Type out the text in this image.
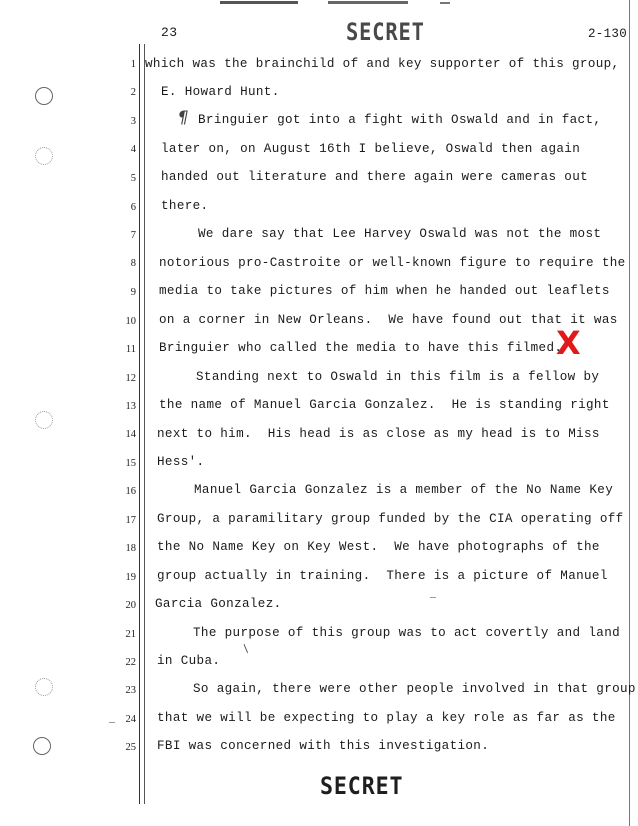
23	SECRET	2-130
1
2
3
4
5
6
7
8
9
10
11
12
13
14
15
16
17
18
19
20
21
22
23
24
25
which was the brainchild of and key supporter of this group,
E. Howard Hunt.
¶ Bringuier got into a fight with Oswald and in fact,
later on, on August 16th I believe, Oswald then again
handed out literature and there again were cameras out
there.
We dare say that Lee Harvey Oswald was not the most
notorious pro-Castroite or well-known figure to require the
media to take pictures of him when he handed out leaflets
on a corner in New Orleans.  We have found out that it was
Bringuier who called the media to have this filmed.
X
Standing next to Oswald in this film is a fellow by
the name of Manuel Garcia Gonzalez.  He is standing right
next to him.  His head is as close as my head is to Miss
Hess'.
Manuel Garcia Gonzalez is a member of the No Name Key
Group, a paramilitary group funded by the CIA operating off
the No Name Key on Key West.  We have photographs of the
group actually in training.  There is a picture of Manuel
Garcia Gonzalez.
The purpose of this group was to act covertly and land
in Cuba.
So again, there were other people involved in that group
that we will be expecting to play a key role as far as the
FBI was concerned with this investigation.
/
SECRET
